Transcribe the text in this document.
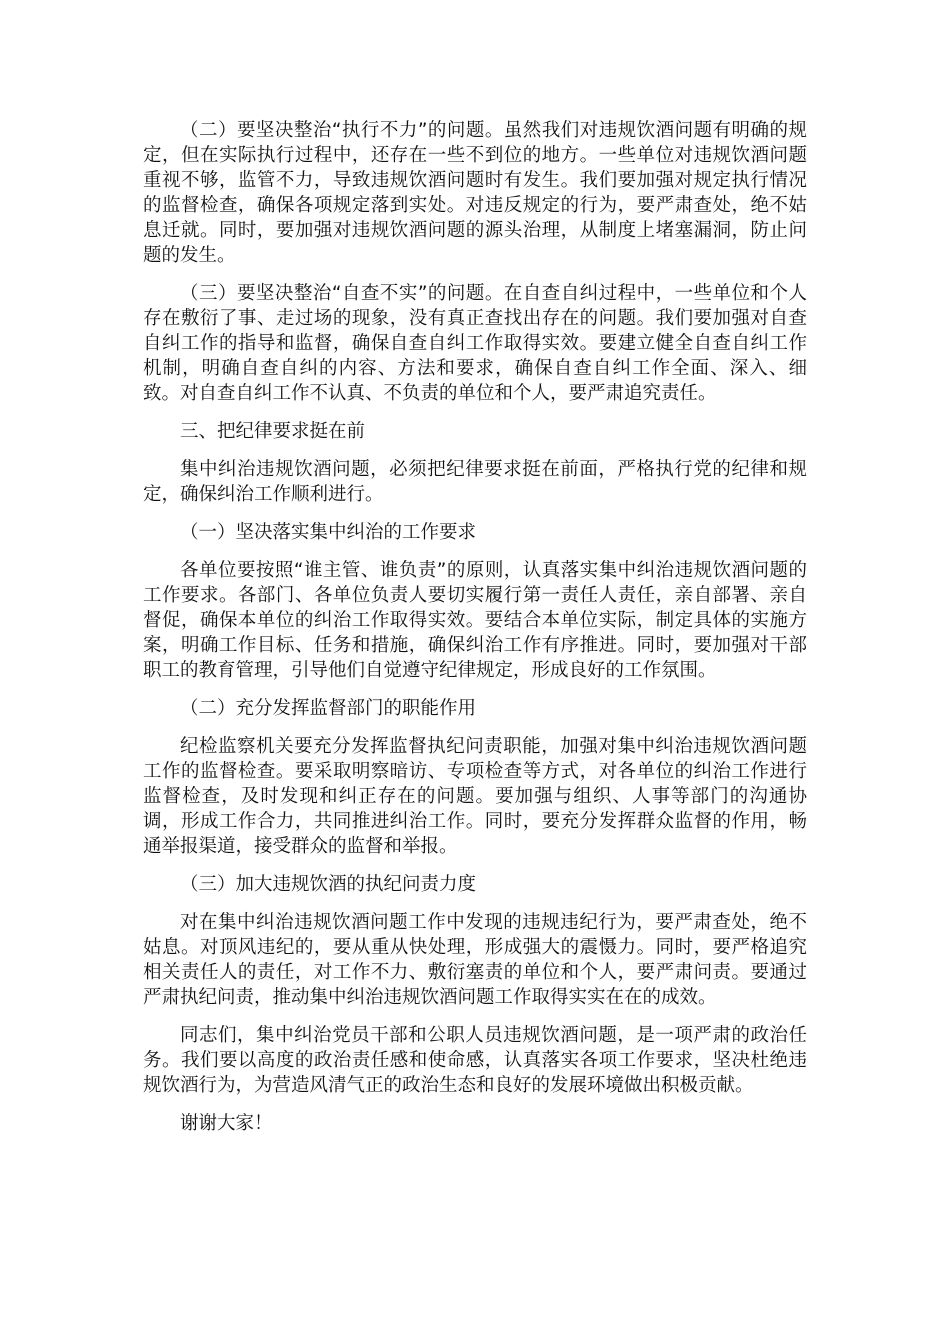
（二）要坚决整治“执行不力”的问题。虽然我们对违规饮酒问题有明确的规定，但在实际执行过程中，还存在一些不到位的地方。一些单位对违规饮酒问题重视不够，监管不力，导致违规饮酒问题时有发生。我们要加强对规定执行情况的监督检查，确保各项规定落到实处。对违反规定的行为，要严肃查处，绝不姑息迁就。同时，要加强对违规饮酒问题的源头治理，从制度上堵塞漏洞，防止问题的发生。

（三）要坚决整治“自查不实”的问题。在自查自纠过程中，一些单位和个人存在敷衍了事、走过场的现象，没有真正查找出存在的问题。我们要加强对自查自纠工作的指导和监督，确保自查自纠工作取得实效。要建立健全自查自纠工作机制，明确自查自纠的内容、方法和要求，确保自查自纠工作全面、深入、细致。对自查自纠工作不认真、不负责的单位和个人，要严肃追究责任。

三、把纪律要求挺在前

集中纠治违规饮酒问题，必须把纪律要求挺在前面，严格执行党的纪律和规定，确保纠治工作顺利进行。

（一）坚决落实集中纠治的工作要求

各单位要按照“谁主管、谁负责”的原则，认真落实集中纠治违规饮酒问题的工作要求。各部门、各单位负责人要切实履行第一责任人责任，亲自部署、亲自督促，确保本单位的纠治工作取得实效。要结合本单位实际，制定具体的实施方案，明确工作目标、任务和措施，确保纠治工作有序推进。同时，要加强对干部职工的教育管理，引导他们自觉遵守纪律规定，形成良好的工作氛围。

（二）充分发挥监督部门的职能作用

纪检监察机关要充分发挥监督执纪问责职能，加强对集中纠治违规饮酒问题工作的监督检查。要采取明察暗访、专项检查等方式，对各单位的纠治工作进行监督检查，及时发现和纠正存在的问题。要加强与组织、人事等部门的沟通协调，形成工作合力，共同推进纠治工作。同时，要充分发挥群众监督的作用，畅通举报渠道，接受群众的监督和举报。

（三）加大违规饮酒的执纪问责力度

对在集中纠治违规饮酒问题工作中发现的违规违纪行为，要严肃查处，绝不姑息。对顶风违纪的，要从重从快处理，形成强大的震慑力。同时，要严格追究相关责任人的责任，对工作不力、敷衍塞责的单位和个人，要严肃问责。要通过严肃执纪问责，推动集中纠治违规饮酒问题工作取得实实在在的成效。

同志们，集中纠治党员干部和公职人员违规饮酒问题，是一项严肃的政治任务。我们要以高度的政治责任感和使命感，认真落实各项工作要求，坚决杜绝违规饮酒行为，为营造风清气正的政治生态和良好的发展环境做出积极贡献。

谢谢大家！
